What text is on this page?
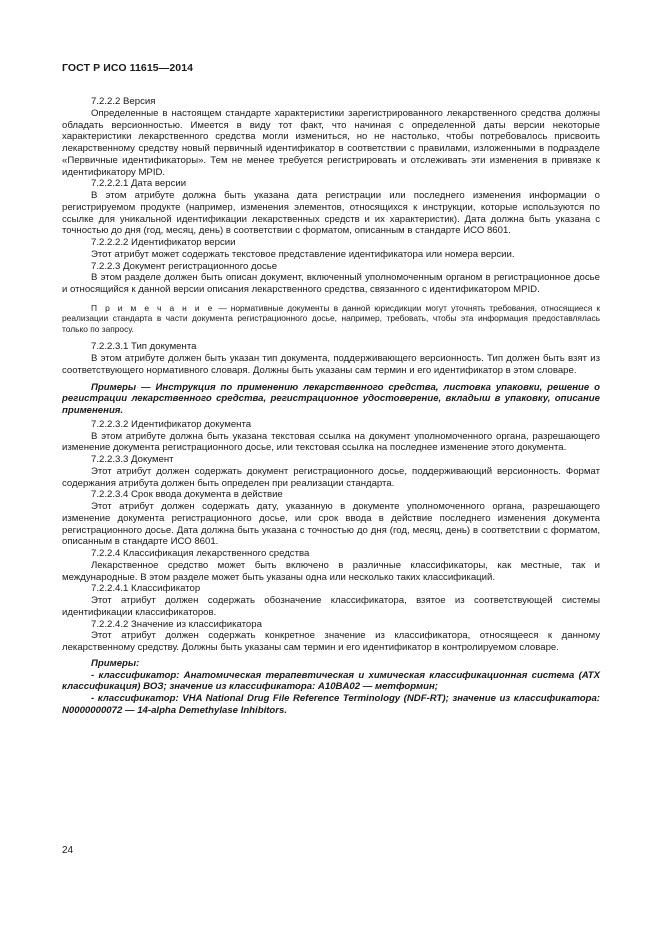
ГОСТ Р ИСО 11615—2014

7.2.2.2 Версия

Определенные в настоящем стандарте характеристики зарегистрированного лекарственного средства должны обладать версионностью. Имеется в виду тот факт, что начиная с определенной даты версии некоторые характеристики лекарственного средства могли измениться, но не настолько, чтобы потребовалось присвоить лекарственному средству новый первичный идентификатор в соответствии с правилами, изложенными в подразделе «Первичные идентификаторы». Тем не менее требуется регистрировать и отслеживать эти изменения в привязке к идентификатору MPID.

7.2.2.2.1 Дата версии

В этом атрибуте должна быть указана дата регистрации или последнего изменения информации о регистрируемом продукте (например, изменения элементов, относящихся к инструкции, которые используются по ссылке для уникальной идентификации лекарственных средств и их характеристик). Дата должна быть указана с точностью до дня (год, месяц, день) в соответствии с форматом, описанным в стандарте ИСО 8601.

7.2.2.2.2 Идентификатор версии

Этот атрибут может содержать текстовое представление идентификатора или номера версии.

7.2.2.3 Документ регистрационного досье

В этом разделе должен быть описан документ, включенный уполномоченным органом в регистрационное досье и относящийся к данной версии описания лекарственного средства, связанного с идентификатором MPID.

П р и м е ч а н и е — нормативные документы в данной юрисдикции могут уточнять требования, относящиеся к реализации стандарта в части документа регистрационного досье, например, требовать, чтобы эта информация предоставлялась только по запросу.

7.2.2.3.1 Тип документа

В этом атрибуте должен быть указан тип документа, поддерживающего версионность. Тип должен быть взят из соответствующего нормативного словаря. Должны быть указаны сам термин и его идентификатор в этом словаре.

Примеры — Инструкция по применению лекарственного средства, листовка упаковки, решение о регистрации лекарственного средства, регистрационное удостоверение, вкладыш в упаковку, описание применения.

7.2.2.3.2 Идентификатор документа

В этом атрибуте должна быть указана текстовая ссылка на документ уполномоченного органа, разрешающего изменение документа регистрационного досье, или текстовая ссылка на последнее изменение этого документа.

7.2.2.3.3 Документ

Этот атрибут должен содержать документ регистрационного досье, поддерживающий версионность. Формат содержания атрибута должен быть определен при реализации стандарта.

7.2.2.3.4 Срок ввода документа в действие

Этот атрибут должен содержать дату, указанную в документе уполномоченного органа, разрешающего изменение документа регистрационного досье, или срок ввода в действие последнего изменения документа регистрационного досье. Дата должна быть указана с точностью до дня (год, месяц, день) в соответствии с форматом, описанным в стандарте ИСО 8601.

7.2.2.4 Классификация лекарственного средства

Лекарственное средство может быть включено в различные классификаторы, как местные, так и международные. В этом разделе может быть указаны одна или несколько таких классификаций.

7.2.2.4.1 Классификатор

Этот атрибут должен содержать обозначение классификатора, взятое из соответствующей системы идентификации классификаторов.

7.2.2.4.2 Значение из классификатора

Этот атрибут должен содержать конкретное значение из классификатора, относящееся к данному лекарственному средству. Должны быть указаны сам термин и его идентификатор в контролируемом словаре.

Примеры:

- классификатор: Анатомическая терапевтическая и химическая классификационная система (АТХ классификация) ВОЗ; значение из классификатора: A10BA02 — метформин;

- классификатор: VHA National Drug File Reference Terminology (NDF-RT); значение из классификатора: N0000000072 — 14-alpha Demethylase Inhibitors.

24
